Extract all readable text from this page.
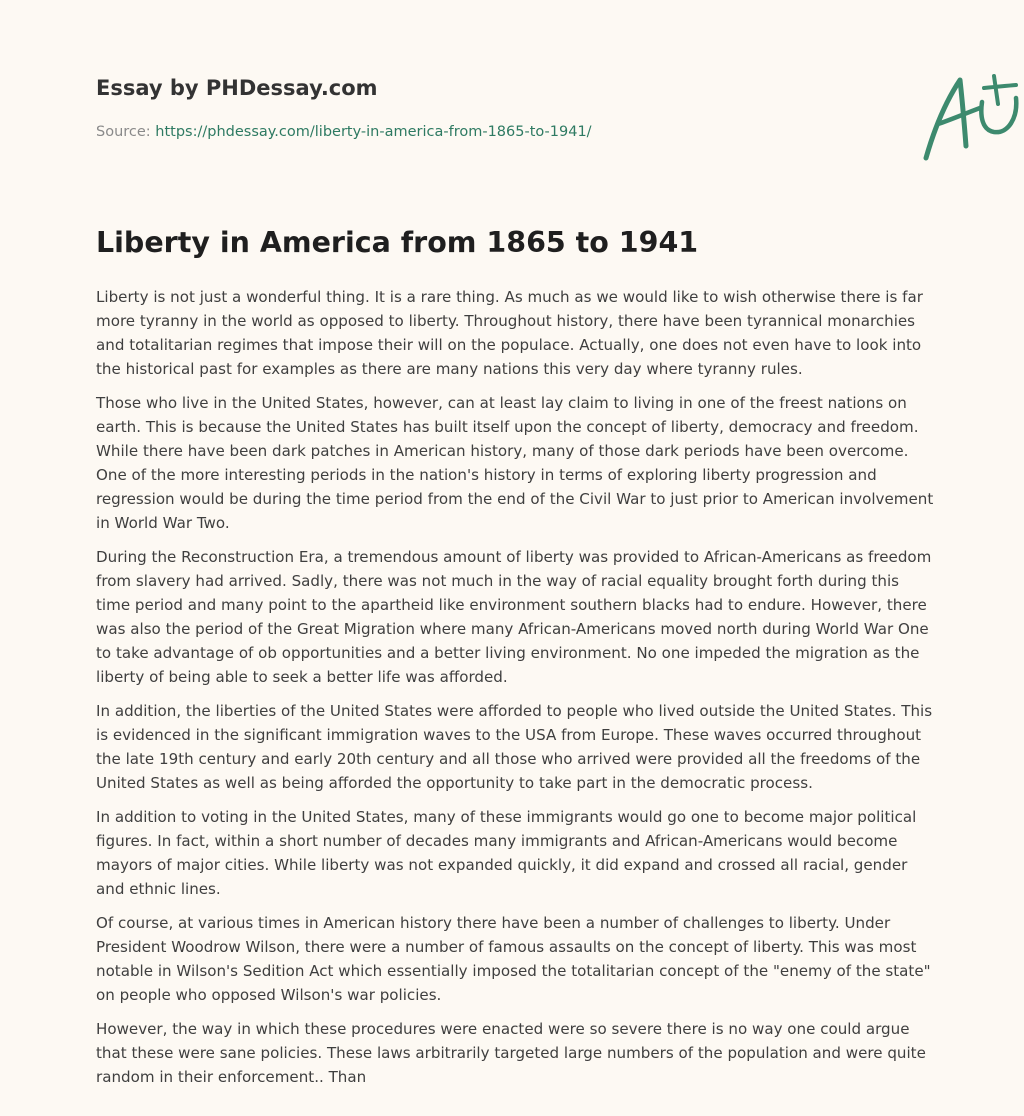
Essay by PHDessay.com
Source: https://phdessay.com/liberty-in-america-from-1865-to-1941/
Liberty in America from 1865 to 1941

Liberty is not just a wonderful thing. It is a rare thing. As much as we would like to wish otherwise there is far more tyranny in the world as opposed to liberty. Throughout history, there have been tyrannical monarchies and totalitarian regimes that impose their will on the populace. Actually, one does not even have to look into the historical past for examples as there are many nations this very day where tyranny rules.

Those who live in the United States, however, can at least lay claim to living in one of the freest nations on earth. This is because the United States has built itself upon the concept of liberty, democracy and freedom. While there have been dark patches in American history, many of those dark periods have been overcome. One of the more interesting periods in the nation's history in terms of exploring liberty progression and regression would be during the time period from the end of the Civil War to just prior to American involvement in World War Two.

During the Reconstruction Era, a tremendous amount of liberty was provided to African-Americans as freedom from slavery had arrived. Sadly, there was not much in the way of racial equality brought forth during this time period and many point to the apartheid like environment southern blacks had to endure. However, there was also the period of the Great Migration where many African-Americans moved north during World War One to take advantage of ob opportunities and a better living environment. No one impeded the migration as the liberty of being able to seek a better life was afforded.

In addition, the liberties of the United States were afforded to people who lived outside the United States. This is evidenced in the significant immigration waves to the USA from Europe. These waves occurred throughout the late 19th century and early 20th century and all those who arrived were provided all the freedoms of the United States as well as being afforded the opportunity to take part in the democratic process.

In addition to voting in the United States, many of these immigrants would go one to become major political figures. In fact, within a short number of decades many immigrants and African-Americans would become mayors of major cities. While liberty was not expanded quickly, it did expand and crossed all racial, gender and ethnic lines.

Of course, at various times in American history there have been a number of challenges to liberty. Under President Woodrow Wilson, there were a number of famous assaults on the concept of liberty. This was most notable in Wilson's Sedition Act which essentially imposed the totalitarian concept of the "enemy of the state" on people who opposed Wilson's war policies.

However, the way in which these procedures were enacted were so severe there is no way one could argue that these were sane policies. These laws arbitrarily targeted large numbers of the population and were quite random in their enforcement.. Than
